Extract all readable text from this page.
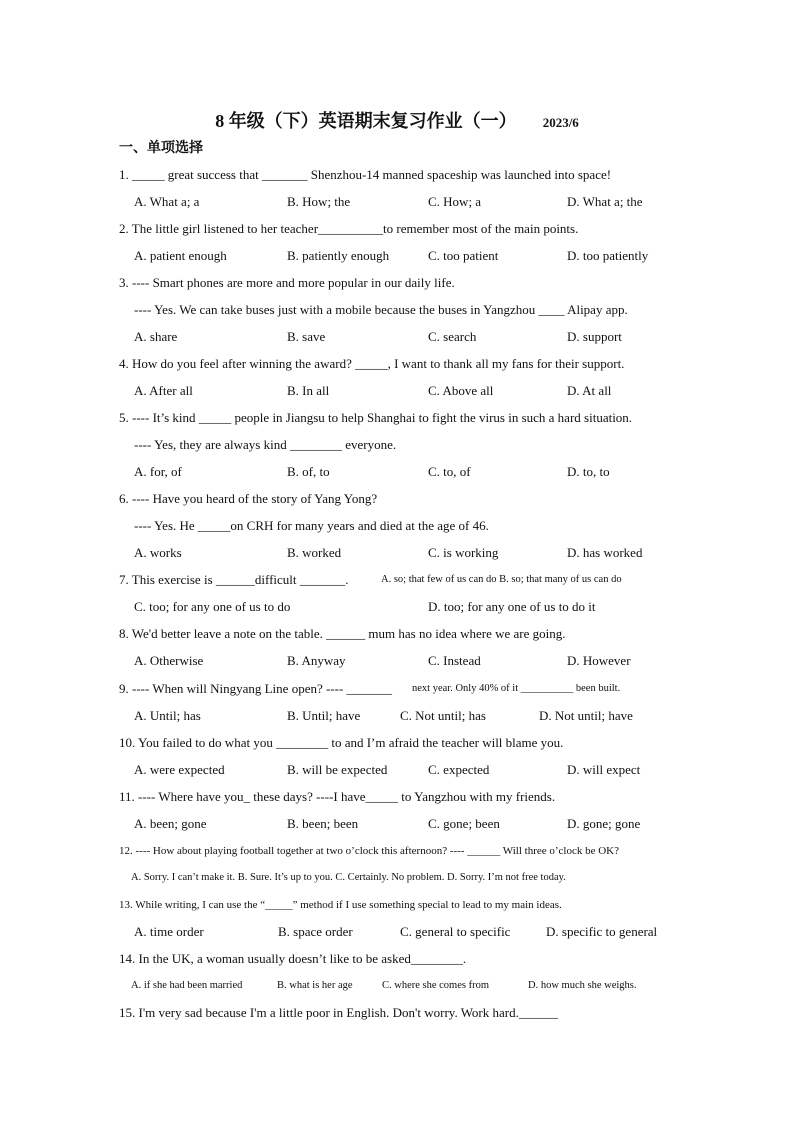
8 年级（下）英语期末复习作业（一） 2023/6
一、单项选择
1. _____ great success that _______ Shenzhou-14 manned spaceship was launched into space!
A. What a; a	B. How; the	C. How; a	D. What a; the
2. The little girl listened to her teacher__________to remember most of the main points.
A. patient enough	B. patiently enough	C. too patient	D. too patiently
3. ---- Smart phones are more and more popular in our daily life.
---- Yes. We can take buses just with a mobile because the buses in Yangzhou ____ Alipay app.
A. share	B. save	C. search	D. support
4. How do you feel after winning the award? _____, I want to thank all my fans for their support.
A. After all	B. In all	C. Above all	D. At all
5. ---- It’s kind _____ people in Jiangsu to help Shanghai to fight the virus in such a hard situation.
---- Yes, they are always kind ________ everyone.
A. for, of	B. of, to	C. to, of	D. to, to
6. ---- Have you heard of the story of Yang Yong?
---- Yes. He _____on CRH for many years and died at the age of 46.
A. works	B. worked	C. is working	D. has worked
7. This exercise is ______difficult _______.	A. so; that few of us can do B. so; that many of us can do
C. too; for any one of us to do	D. too; for any one of us to do it
8. We'd better leave a note on the table. ______ mum has no idea where we are going.
A. Otherwise	B. Anyway	C. Instead	D. However
9. ---- When will Ningyang Line open? ---- _______ next year. Only 40% of it __________ been built.
A. Until; has	B. Until; have	C. Not until; has	D. Not until; have
10. You failed to do what you ________ to and I’m afraid the teacher will blame you.
A. were expected	B. will be expected	C. expected	D. will expect
11. ---- Where have you_ these days? ----I have_____ to Yangzhou with my friends.
A. been; gone	B. been; been	C. gone; been	D. gone; gone
12. ---- How about playing football together at two o’clock this afternoon? ---- ______ Will three o’clock be OK?
A. Sorry. I can’t make it. B. Sure. It’s up to you. C. Certainly. No problem. D. Sorry. I’m not free today.
13. While writing, I can use the “_____” method if I use something special to lead to my main ideas.
A. time order	B. space order	C. general to specific	D. specific to general
14. In the UK, a woman usually doesn’t like to be asked________.
A. if she had been married	B. what is her age	C. where she comes from	D. how much she weighs.
15. I'm very sad because I'm a little poor in English. Don't worry. Work hard.______
